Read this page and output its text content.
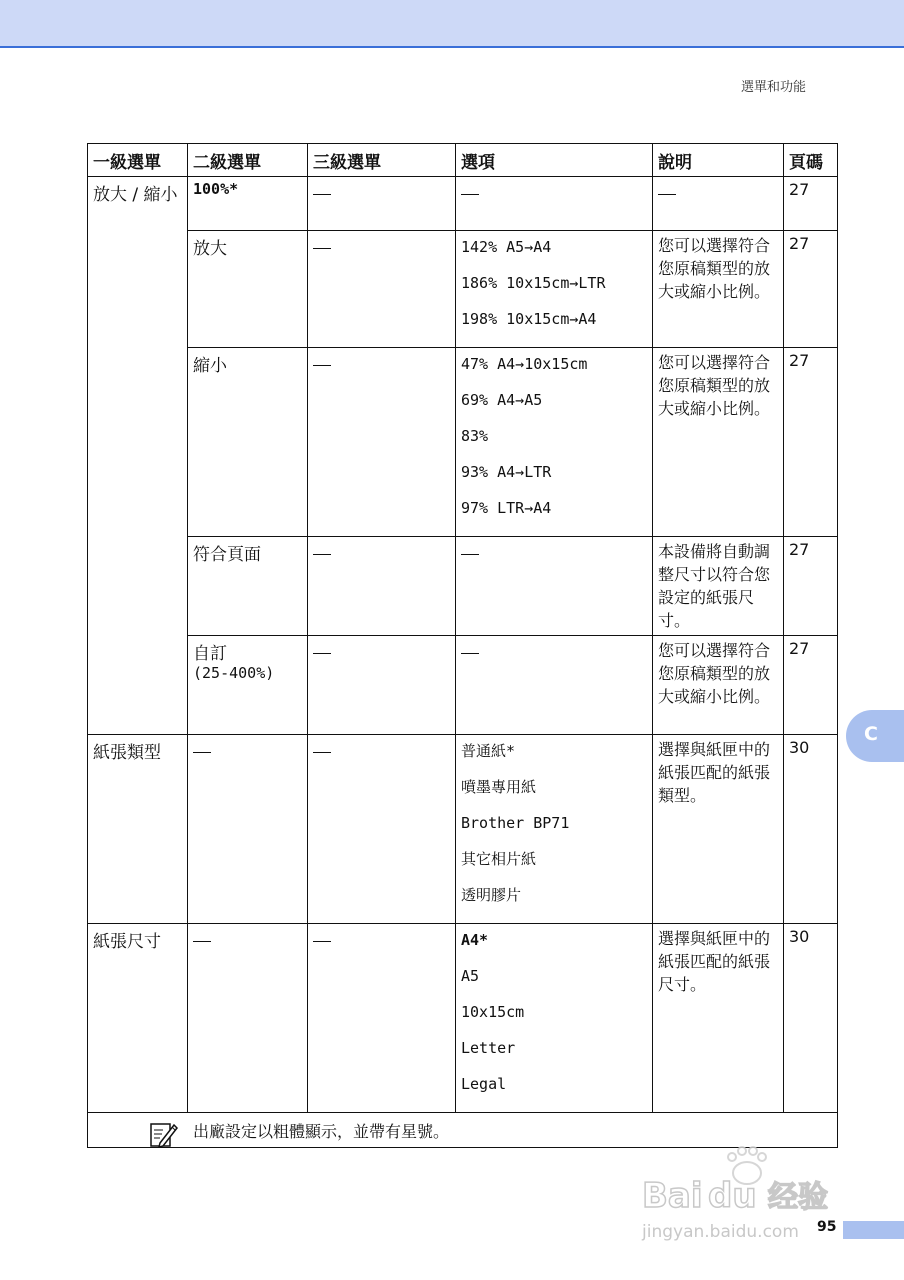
選單和功能
一級選單	二級選單	三級選單	選項	說明	頁碼
放大 / 縮小	100%*				27
	放大		142% A5→A4
186% 10x15cm→LTR
198% 10x15cm→A4	您可以選擇符合您原稿類型的放大或縮小比例。	27
	縮小		47% A4→10x15cm
69% A4→A5
83%
93% A4→LTR
97% LTR→A4	您可以選擇符合您原稿類型的放大或縮小比例。	27
	符合頁面			本設備將自動調整尺寸以符合您設定的紙張尺寸。	27

	自訂
(25-400%)			您可以選擇符合您原稿類型的放大或縮小比例。	27
紙張類型			普通紙*
噴墨專用紙
Brother BP71
其它相片紙
透明膠片	選擇與紙匣中的紙張匹配的紙張類型。	30
紙張尺寸			A4*
A5
10x15cm
Letter
Legal	選擇與紙匣中的紙張匹配的紙張尺寸。	30

出廠設定以粗體顯示，並帶有星號。					
C
Bai du 经验
jingyan.baidu.com 95
